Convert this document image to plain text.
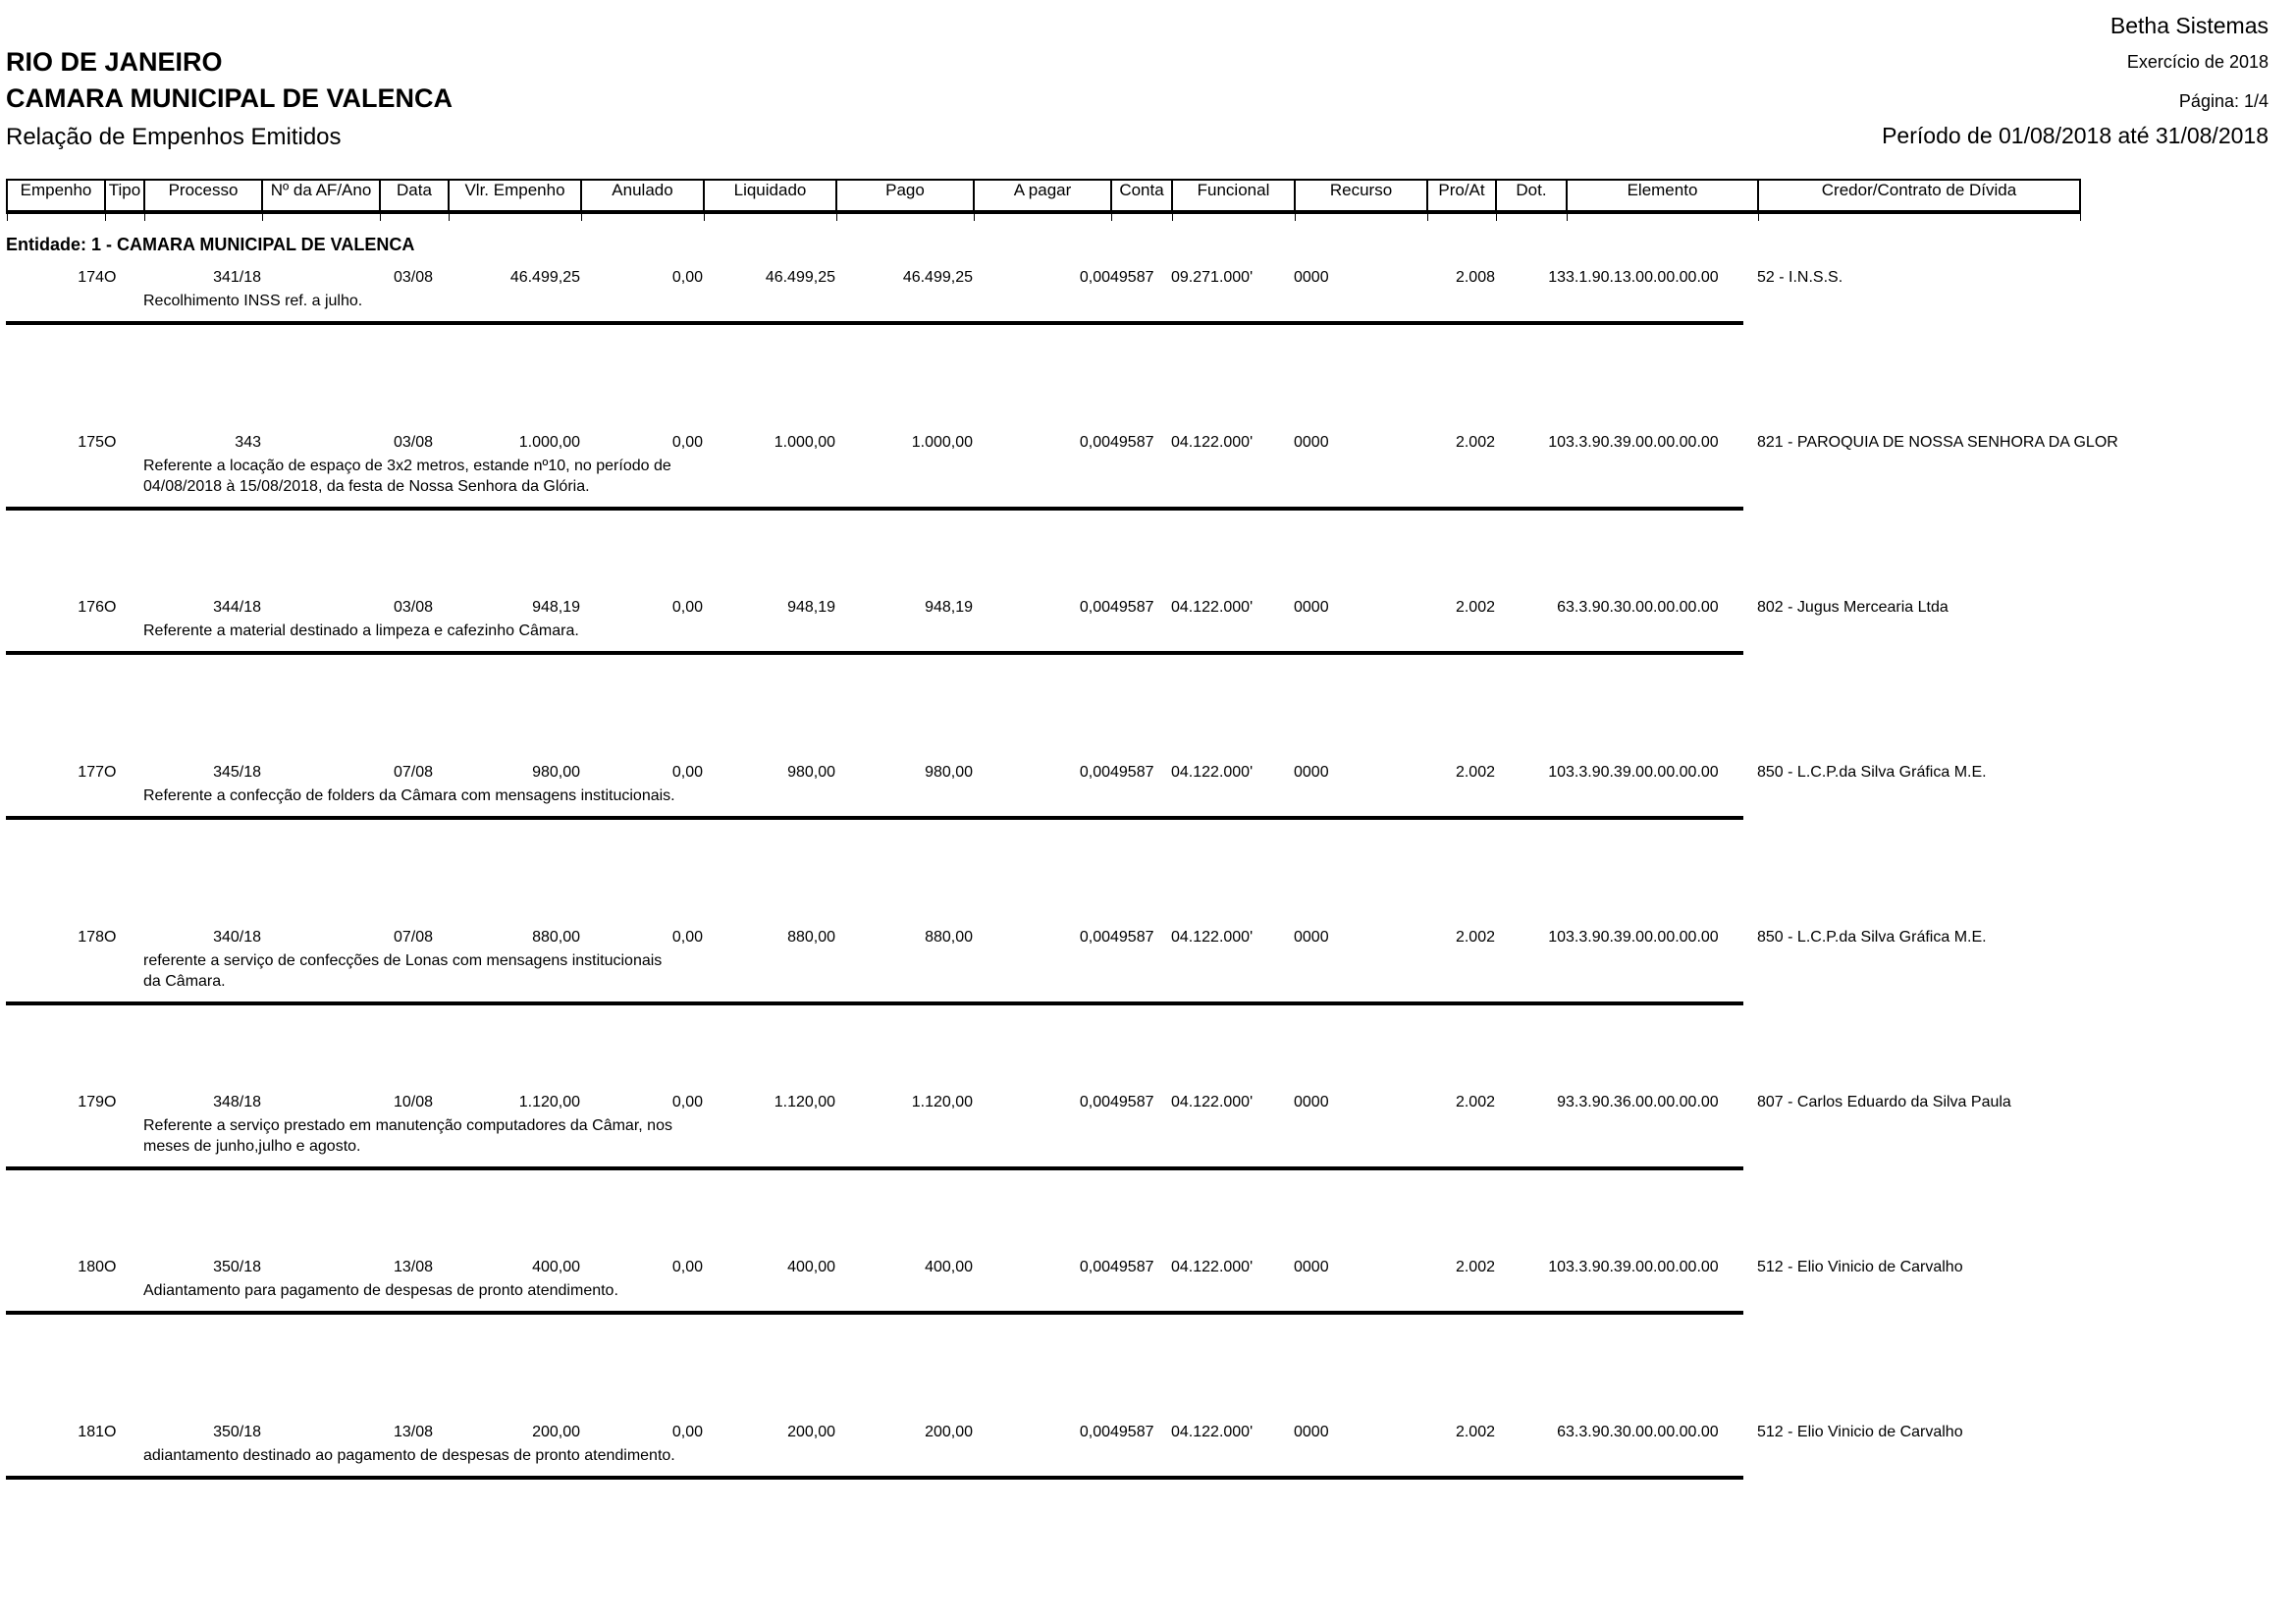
Betha Sistemas
Exercício de 2018
Página: 1/4
Período de 01/08/2018 até 31/08/2018
RIO DE JANEIRO
CAMARA MUNICIPAL DE VALENCA
Relação de Empenhos Emitidos
Empenho	Tipo	Processo	Nº da AF/Ano	Data	Vlr. Empenho	Anulado	Liquidado	Pago	A pagar	Conta	Funcional	Recurso	Pro/At	Dot.	Elemento	Credor/Contrato de Dívida

Entidade: 1 - CAMARA MUNICIPAL DE VALENCA
174	O	341/18		03/08	46.499,25	0,00	46.499,25	46.499,25	0,00	49587	09.271.000'	0000	2.008	13	3.1.90.13.00.00.00.00	52 - I.N.S.S.

		Recolhimento INSS ref. a julho.														

175	O	343		03/08	1.000,00	0,00	1.000,00	1.000,00	0,00	49587	04.122.000'	0000	2.002	10	3.3.90.39.00.00.00.00	821 - PAROQUIA DE NOSSA SENHORA DA GLOR

		Referente a locação de espaço de 3x2 metros, estande nº10, no período de 04/08/2018 à 15/08/2018, da festa de Nossa Senhora da Glória.														

176	O	344/18		03/08	948,19	0,00	948,19	948,19	0,00	49587	04.122.000'	0000	2.002	6	3.3.90.30.00.00.00.00	802 - Jugus Mercearia Ltda

		Referente a material destinado a limpeza e cafezinho Câmara.														

177	O	345/18		07/08	980,00	0,00	980,00	980,00	0,00	49587	04.122.000'	0000	2.002	10	3.3.90.39.00.00.00.00	850 - L.C.P.da Silva Gráfica M.E.

		Referente a confecção de folders da Câmara com mensagens institucionais.														

178	O	340/18		07/08	880,00	0,00	880,00	880,00	0,00	49587	04.122.000'	0000	2.002	10	3.3.90.39.00.00.00.00	850 - L.C.P.da Silva Gráfica M.E.

		referente a serviço de confecções de Lonas com mensagens institucionais da Câmara.														

179	O	348/18		10/08	1.120,00	0,00	1.120,00	1.120,00	0,00	49587	04.122.000'	0000	2.002	9	3.3.90.36.00.00.00.00	807 - Carlos Eduardo da Silva Paula

		Referente a serviço prestado em manutenção computadores da Câmar, nos meses de junho,julho e agosto.														

180	O	350/18		13/08	400,00	0,00	400,00	400,00	0,00	49587	04.122.000'	0000	2.002	10	3.3.90.39.00.00.00.00	512 - Elio Vinicio de Carvalho

		Adiantamento para pagamento de despesas de pronto atendimento.														

181	O	350/18		13/08	200,00	0,00	200,00	200,00	0,00	49587	04.122.000'	0000	2.002	6	3.3.90.30.00.00.00.00	512 - Elio Vinicio de Carvalho

		adiantamento destinado ao pagamento de despesas de pronto atendimento.														
